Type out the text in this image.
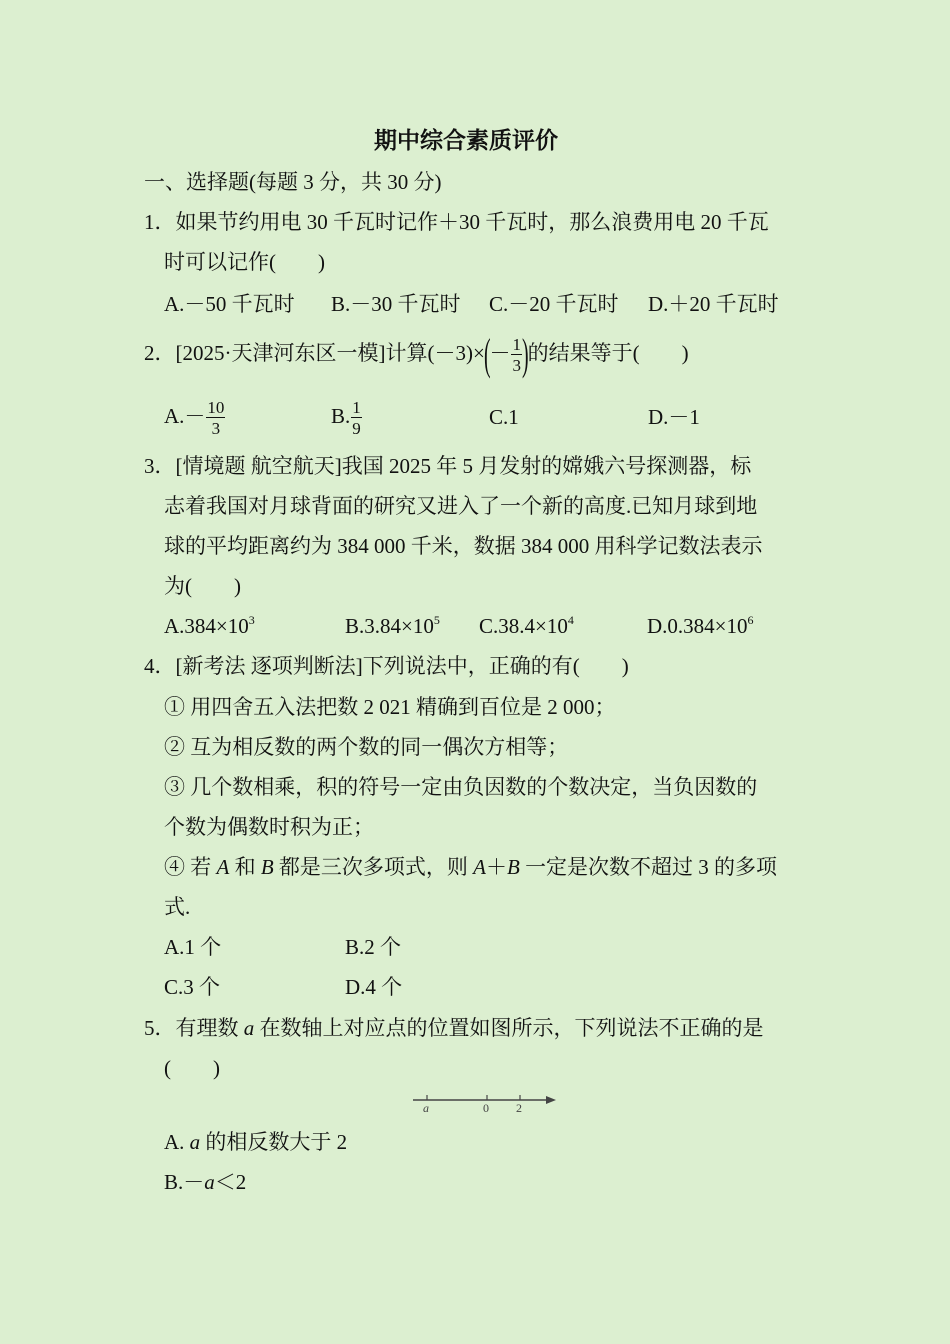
期中综合素质评价
一、选择题(每题 3 分，共 30 分)
1．如果节约用电 30 千瓦时记作＋30 千瓦时，那么浪费用电 20 千瓦
时可以记作(　　)
A.－50 千瓦时 B.－30 千瓦时 C.－20 千瓦时 D.＋20 千瓦时
2．[2025·天津河东区一模]计算$(-3)\times(- \frac{1}{3}$ )的结果等于(　　)
$A.- \frac{10}{3}$	B. $\frac{1}{9}$	C.1	D.－1
3．[情境题 航空航天]我国 2025 年 5 月发射的嫦娥六号探测器，标
志着我国对月球背面的研究又进入了一个新的高度.已知月球到地
球的平均距离约为 384 000 千米，数据 384 000 用科学记数法表示
为(　　)
$A.384\times 10^3$	$B.3.84\times 10^5$ $C.38.4\times 10^4$	$D.0.384\times 10^6$
4．[新考法 逐项判断法]下列说法中，正确的有(　　)
① 用四舍五入法把数 2 021 精确到百位是 2 000；
② 互为相反数的两个数的同一偶次方相等；
③ 几个数相乘，积的符号一定由负因数的个数决定，当负因数的
个数为偶数时积为正；
④ 若 A 和 B 都是三次多项式，则 A＋B 一定是次数不超过 3 的多项
式.
A.1 个	B.2 个
C.3 个	D.4 个
5．有理数 a 在数轴上对应点的位置如图所示，下列说法不正确的是
(　　)
a	0 2
A. a 的相反数大于 2
B.－a＜2
